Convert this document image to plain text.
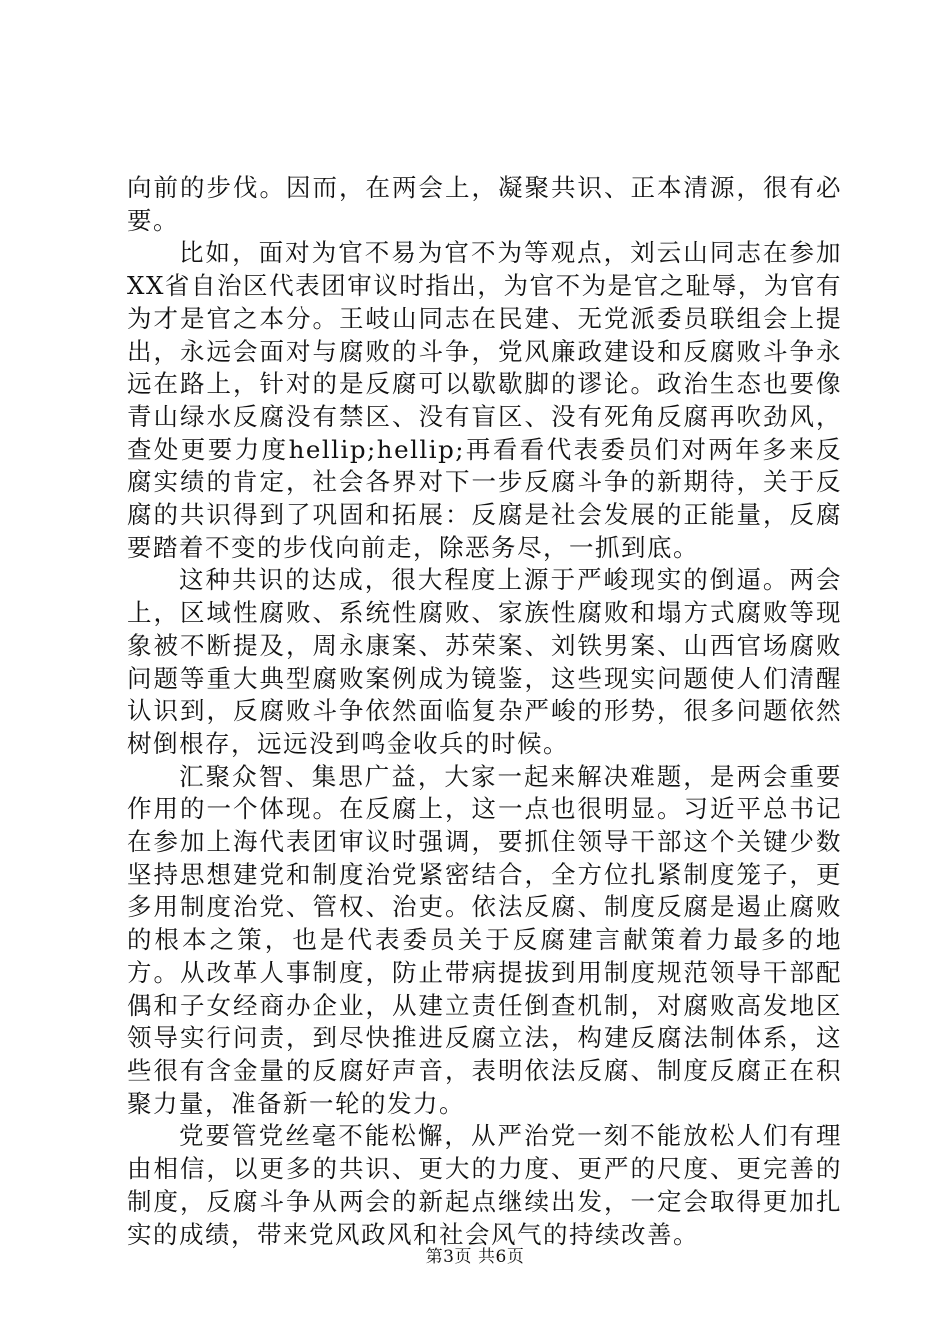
向前的步伐。因而，在两会上，凝聚共识、正本清源，很有必要。

比如，面对为官不易为官不为等观点，刘云山同志在参加XX省自治区代表团审议时指出，为官不为是官之耻辱，为官有为才是官之本分。王岐山同志在民建、无党派委员联组会上提出，永远会面对与腐败的斗争，党风廉政建设和反腐败斗争永远在路上，针对的是反腐可以歇歇脚的谬论。政治生态也要像青山绿水反腐没有禁区、没有盲区、没有死角反腐再吹劲风，查处更要力度hellip;hellip;再看看代表委员们对两年多来反腐实绩的肯定，社会各界对下一步反腐斗争的新期待，关于反腐的共识得到了巩固和拓展：反腐是社会发展的正能量，反腐要踏着不变的步伐向前走，除恶务尽，一抓到底。

这种共识的达成，很大程度上源于严峻现实的倒逼。两会上，区域性腐败、系统性腐败、家族性腐败和塌方式腐败等现象被不断提及，周永康案、苏荣案、刘铁男案、山西官场腐败问题等重大典型腐败案例成为镜鉴，这些现实问题使人们清醒认识到，反腐败斗争依然面临复杂严峻的形势，很多问题依然树倒根存，远远没到鸣金收兵的时候。

汇聚众智、集思广益，大家一起来解决难题，是两会重要作用的一个体现。在反腐上，这一点也很明显。习近平总书记在参加上海代表团审议时强调，要抓住领导干部这个关键少数坚持思想建党和制度治党紧密结合，全方位扎紧制度笼子，更多用制度治党、管权、治吏。依法反腐、制度反腐是遏止腐败的根本之策，也是代表委员关于反腐建言献策着力最多的地方。从改革人事制度，防止带病提拔到用制度规范领导干部配偶和子女经商办企业，从建立责任倒查机制，对腐败高发地区领导实行问责，到尽快推进反腐立法，构建反腐法制体系，这些很有含金量的反腐好声音，表明依法反腐、制度反腐正在积聚力量，准备新一轮的发力。

党要管党丝毫不能松懈，从严治党一刻不能放松人们有理由相信，以更多的共识、更大的力度、更严的尺度、更完善的制度，反腐斗争从两会的新起点继续出发，一定会取得更加扎实的成绩，带来党风政风和社会风气的持续改善。

第3页 共6页
